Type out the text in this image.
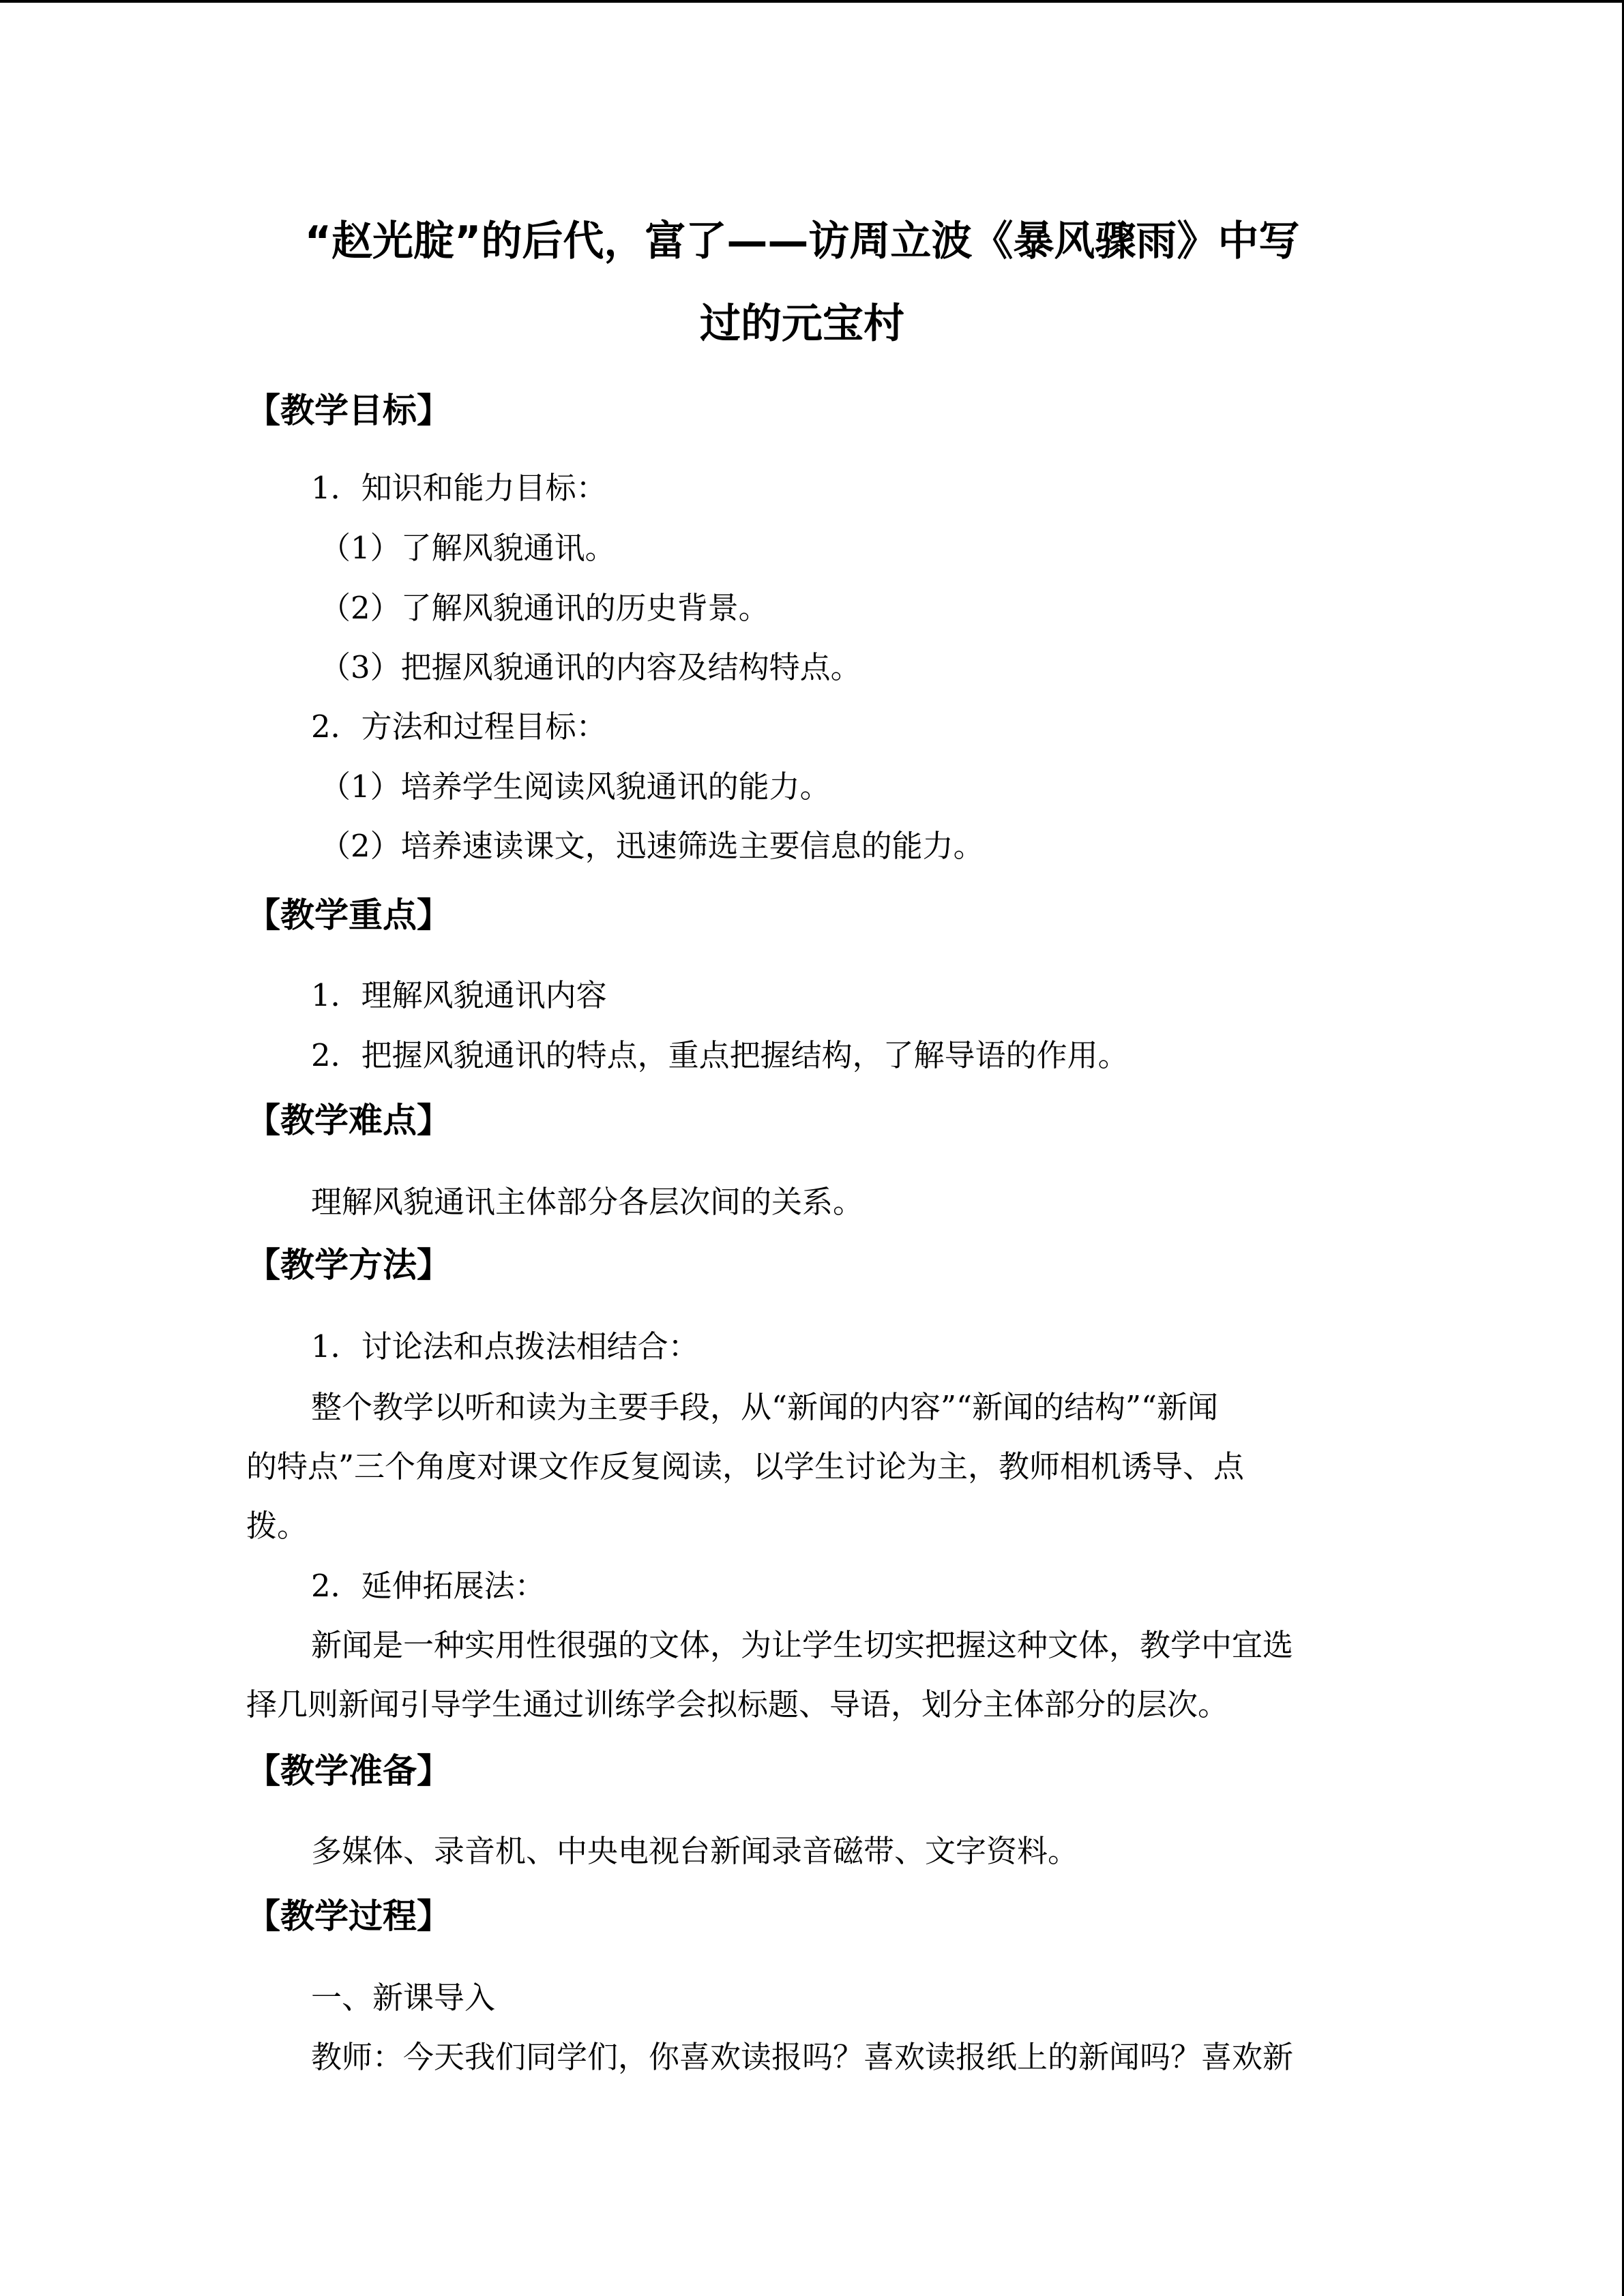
“赵光腚”的后代，富了——访周立波《暴风骤雨》中写
过的元宝村
【教学目标】

1．知识和能力目标：

（1）了解风貌通讯。

（2）了解风貌通讯的历史背景。

（3）把握风貌通讯的内容及结构特点。

2．方法和过程目标：

（1）培养学生阅读风貌通讯的能力。

（2）培养速读课文，迅速筛选主要信息的能力。

【教学重点】

1．理解风貌通讯内容

2．把握风貌通讯的特点，重点把握结构，了解导语的作用。

【教学难点】

理解风貌通讯主体部分各层次间的关系。

【教学方法】

1．讨论法和点拨法相结合：

整个教学以听和读为主要手段，从“新闻的内容”“新闻的结构”“新闻

的特点”三个角度对课文作反复阅读，以学生讨论为主，教师相机诱导、点

拨。

2．延伸拓展法：

新闻是一种实用性很强的文体，为让学生切实把握这种文体，教学中宜选

择几则新闻引导学生通过训练学会拟标题、导语，划分主体部分的层次。

【教学准备】

多媒体、录音机、中央电视台新闻录音磁带、文字资料。

【教学过程】

一、新课导入

教师：今天我们同学们，你喜欢读报吗？喜欢读报纸上的新闻吗？喜欢新
